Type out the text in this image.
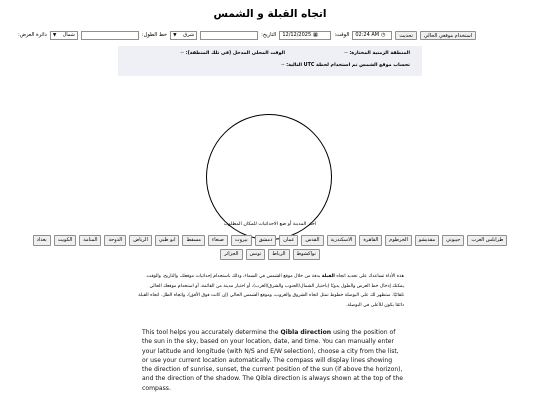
اتجاه القبلة و الشمس
دائرة العرض: ▼ شمال	خط الطول: ▼ شرق	التاريخ: 12/12/2025 ▦	الوقت: 02:24 AM ◷	تحديث	استخدام موقعي الحالي
المنطقة الزمنية المختارة: --
الوقت المحلي المدخل (في تلك المنطقة): --
تحساب موقع الشمس تم استخدام لحظة UTC التالية: --
اختر المدينة أو ضع الاحداثيات للمكان المطلوب
بغداد	الكويت	المنامة	الدوحة	الرياض	ابو ظبي	مسقط	صنعاء	بيروت	دمشق	عمان	القدس	الاسكندرية	القاهرة	الخرطوم	مقديشو	جيبوتي	طرابلس الغرب
الجزائر	تونس	الرباط	نواكشوط
هذه الأداة تساعدك على تحديد اتجاه القبلة بدقة من خلال موقع الشمس في السماء، وذلك باستخدام إحداثيات موقعك، والتاريخ، والوقت. يمكنك إدخال خط العرض والطول يدويًا (باختيار الشمال/الجنوب والشرق/الغرب)، أو اختيار مدينة من القائمة، أو استخدام موقعك الحالي تلقائيًا. ستظهر لك على البوصلة خطوط تمثل اتجاه الشروق والغروب، وموقع الشمس الحالي (إن كانت فوق الأفق)، واتجاه الظل. اتجاه القبلة دائمًا يكون للأعلى في البوصلة.
This tool helps you accurately determine the Qibla direction using the position of the sun in the sky, based on your location, date, and time. You can manually enter your latitude and longitude (with N/S and E/W selection), choose a city from the list, or use your current location automatically. The compass will display lines showing the direction of sunrise, sunset, the current position of the sun (if above the horizon), and the direction of the shadow. The Qibla direction is always shown at the top of the compass.
